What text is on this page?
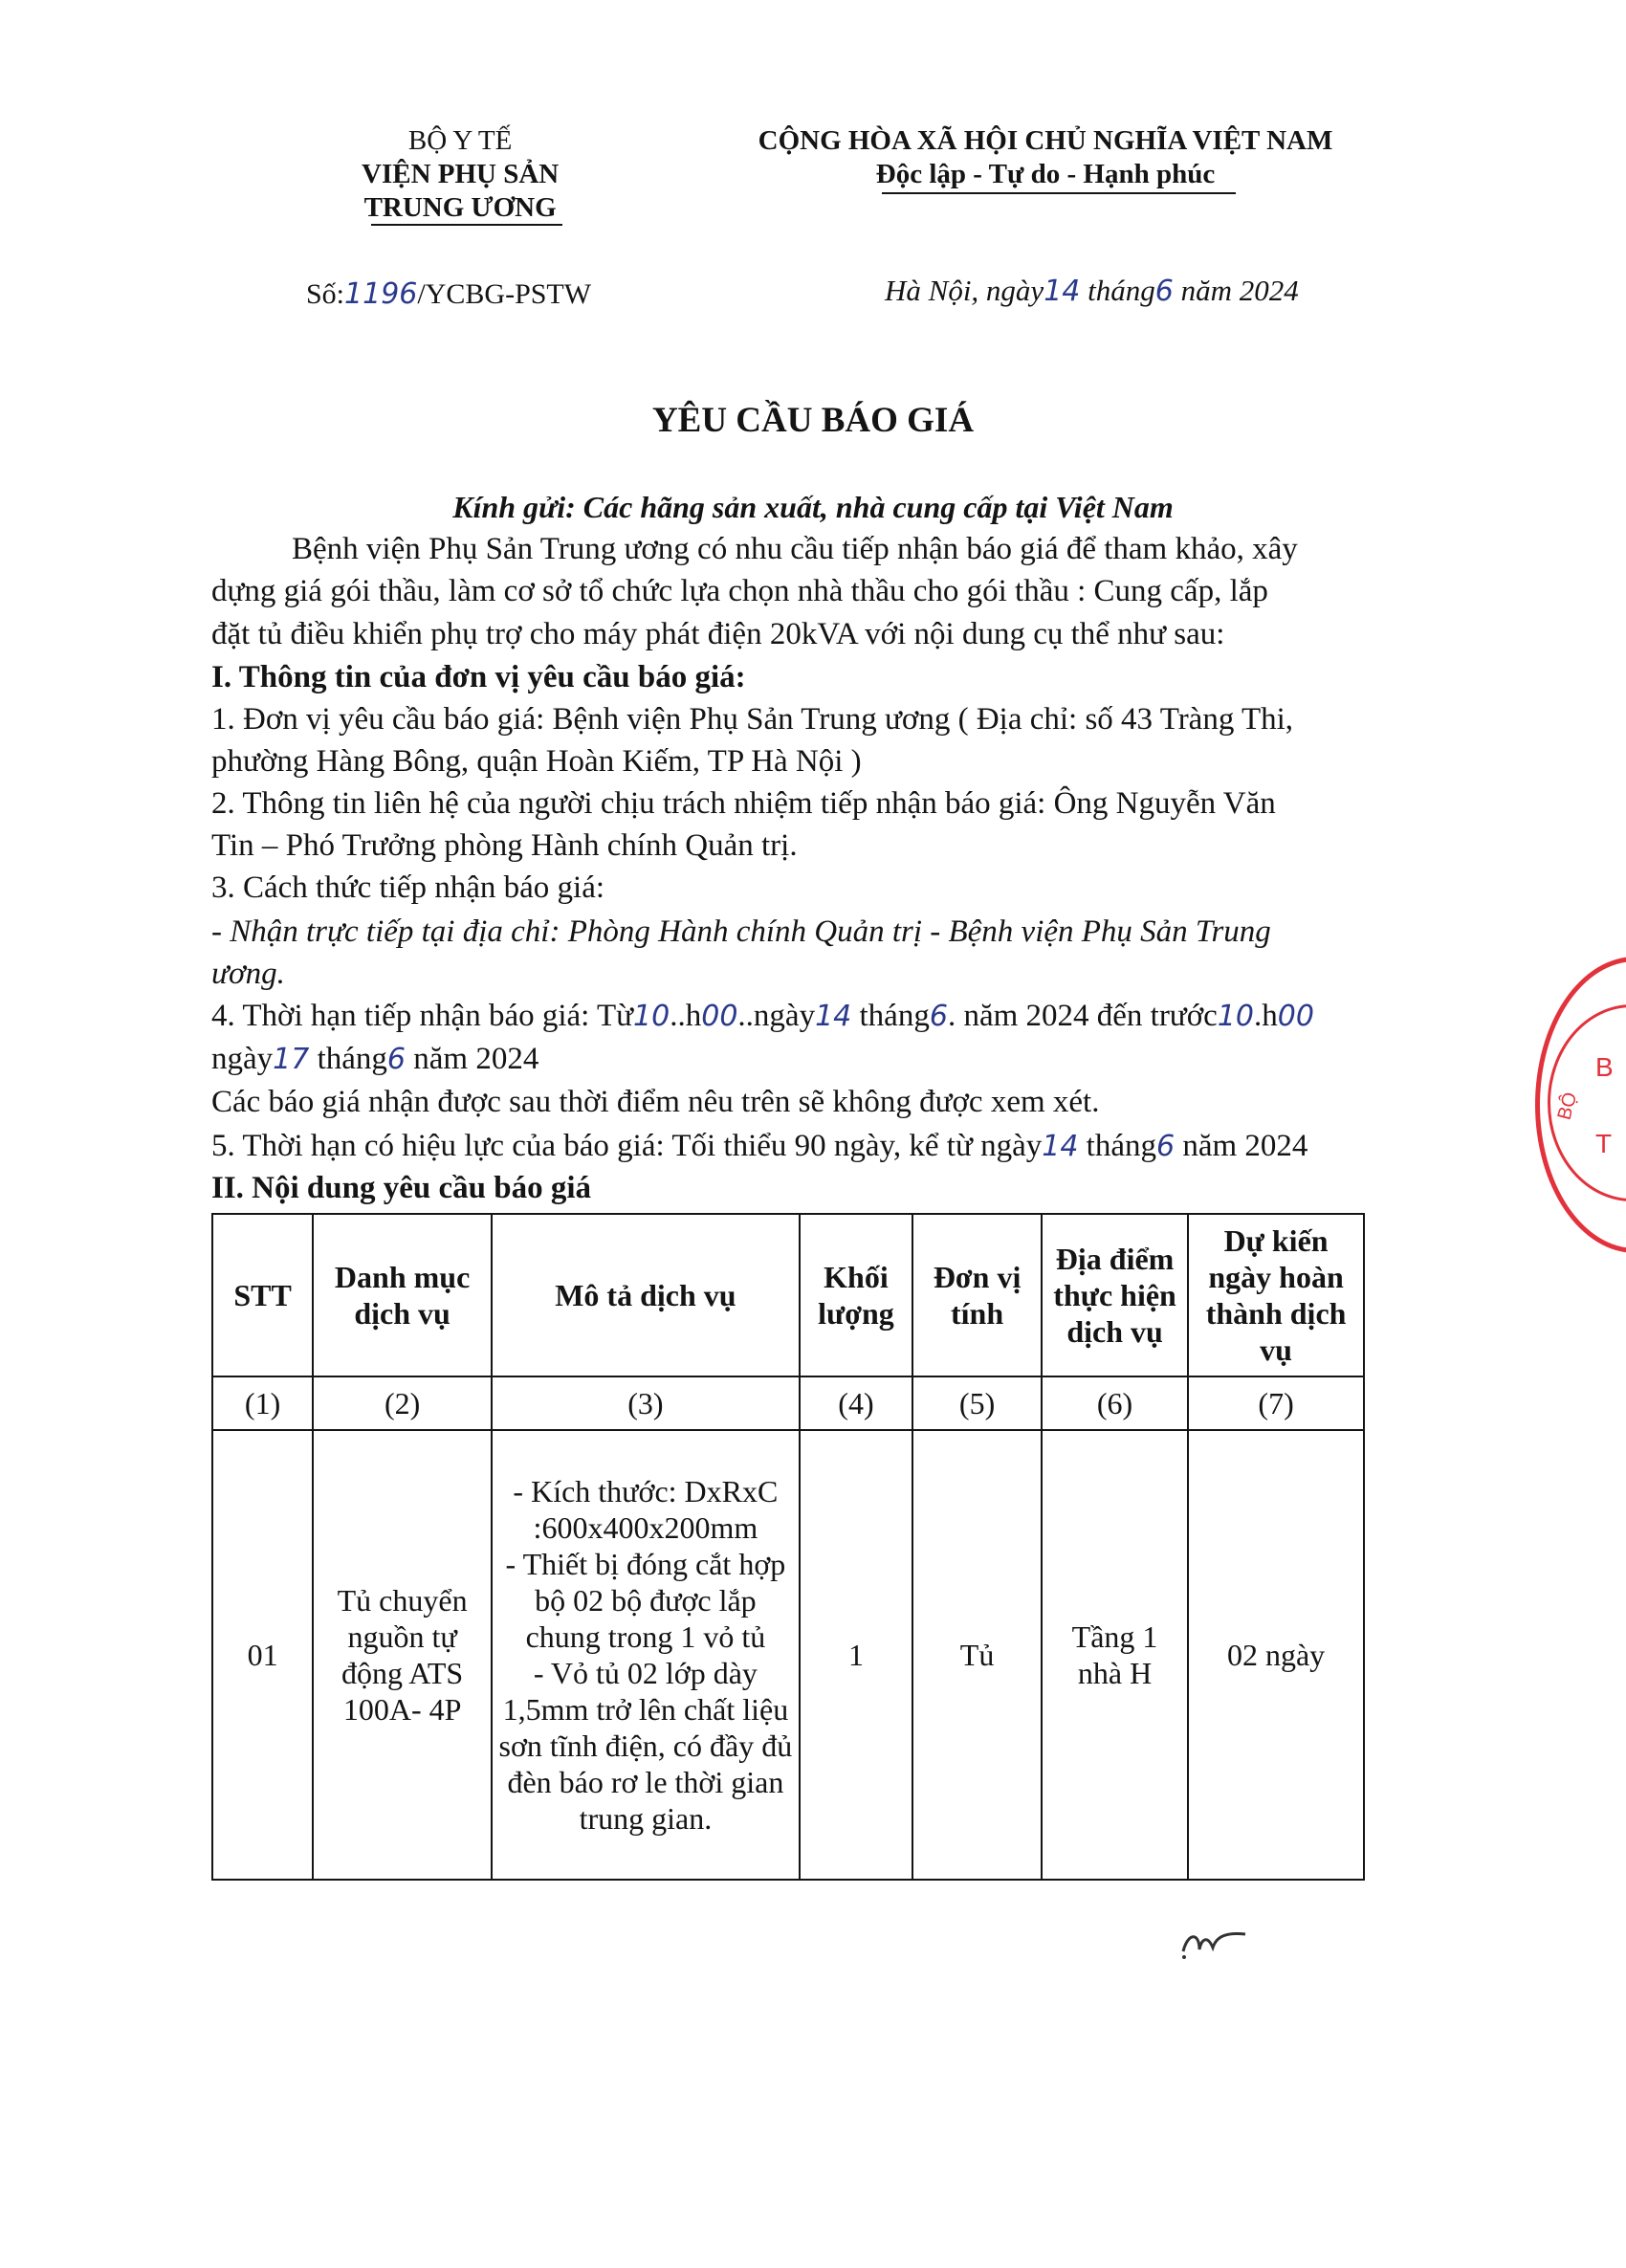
BỘ Y TẾ
VIỆN PHỤ SẢN
TRUNG ƯƠNG
CỘNG HÒA XÃ HỘI CHỦ NGHĨA VIỆT NAM
Độc lập - Tự do - Hạnh phúc
Số:1196/YCBG-PSTW	Hà Nội, ngày14 tháng6 năm 2024
YÊU CẦU BÁO GIÁ
Kính gửi: Các hãng sản xuất, nhà cung cấp tại Việt Nam
Bệnh viện Phụ Sản Trung ương có nhu cầu tiếp nhận báo giá để tham khảo, xây
dựng giá gói thầu, làm cơ sở tổ chức lựa chọn nhà thầu cho gói thầu : Cung cấp, lắp
đặt tủ điều khiển phụ trợ cho máy phát điện 20kVA với nội dung cụ thể như sau:
I. Thông tin của đơn vị yêu cầu báo giá:
1. Đơn vị yêu cầu báo giá: Bệnh viện Phụ Sản Trung ương ( Địa chỉ: số 43 Tràng Thi,
phường Hàng Bông, quận Hoàn Kiếm, TP Hà Nội )
2. Thông tin liên hệ của người chịu trách nhiệm tiếp nhận báo giá: Ông Nguyễn Văn
Tin – Phó Trưởng phòng Hành chính Quản trị.
3. Cách thức tiếp nhận báo giá:
- Nhận trực tiếp tại địa chỉ: Phòng Hành chính Quản trị - Bệnh viện Phụ Sản Trung
ương.
4. Thời hạn tiếp nhận báo giá: Từ10..h00..ngày14 tháng6. năm 2024 đến trước10.h00
ngày17 tháng6 năm 2024
Các báo giá nhận được sau thời điểm nêu trên sẽ không được xem xét.
5. Thời hạn có hiệu lực của báo giá: Tối thiểu 90 ngày, kể từ ngày14 tháng6 năm 2024
II. Nội dung yêu cầu báo giá
STT	Danh mục dịch vụ	Mô tả dịch vụ	Khối lượng	Đơn vị tính	Địa điểm thực hiện dịch vụ	Dự kiến ngày hoàn thành dịch vụ
(1)	(2)	(3)	(4)	(5)	(6)	(7)
01	Tủ chuyển nguồn tự động ATS 100A- 4P	- Kích thước: DxRxC :600x400x200mm
- Thiết bị đóng cắt hợp bộ 02 bộ được lắp chung trong 1 vỏ tủ
- Vỏ tủ 02 lớp dày 1,5mm trở lên chất liệu sơn tĩnh điện, có đầy đủ đèn báo rơ le thời gian trung gian.	1	Tủ	Tầng 1 nhà H	02 ngày
B
T
BỘ
